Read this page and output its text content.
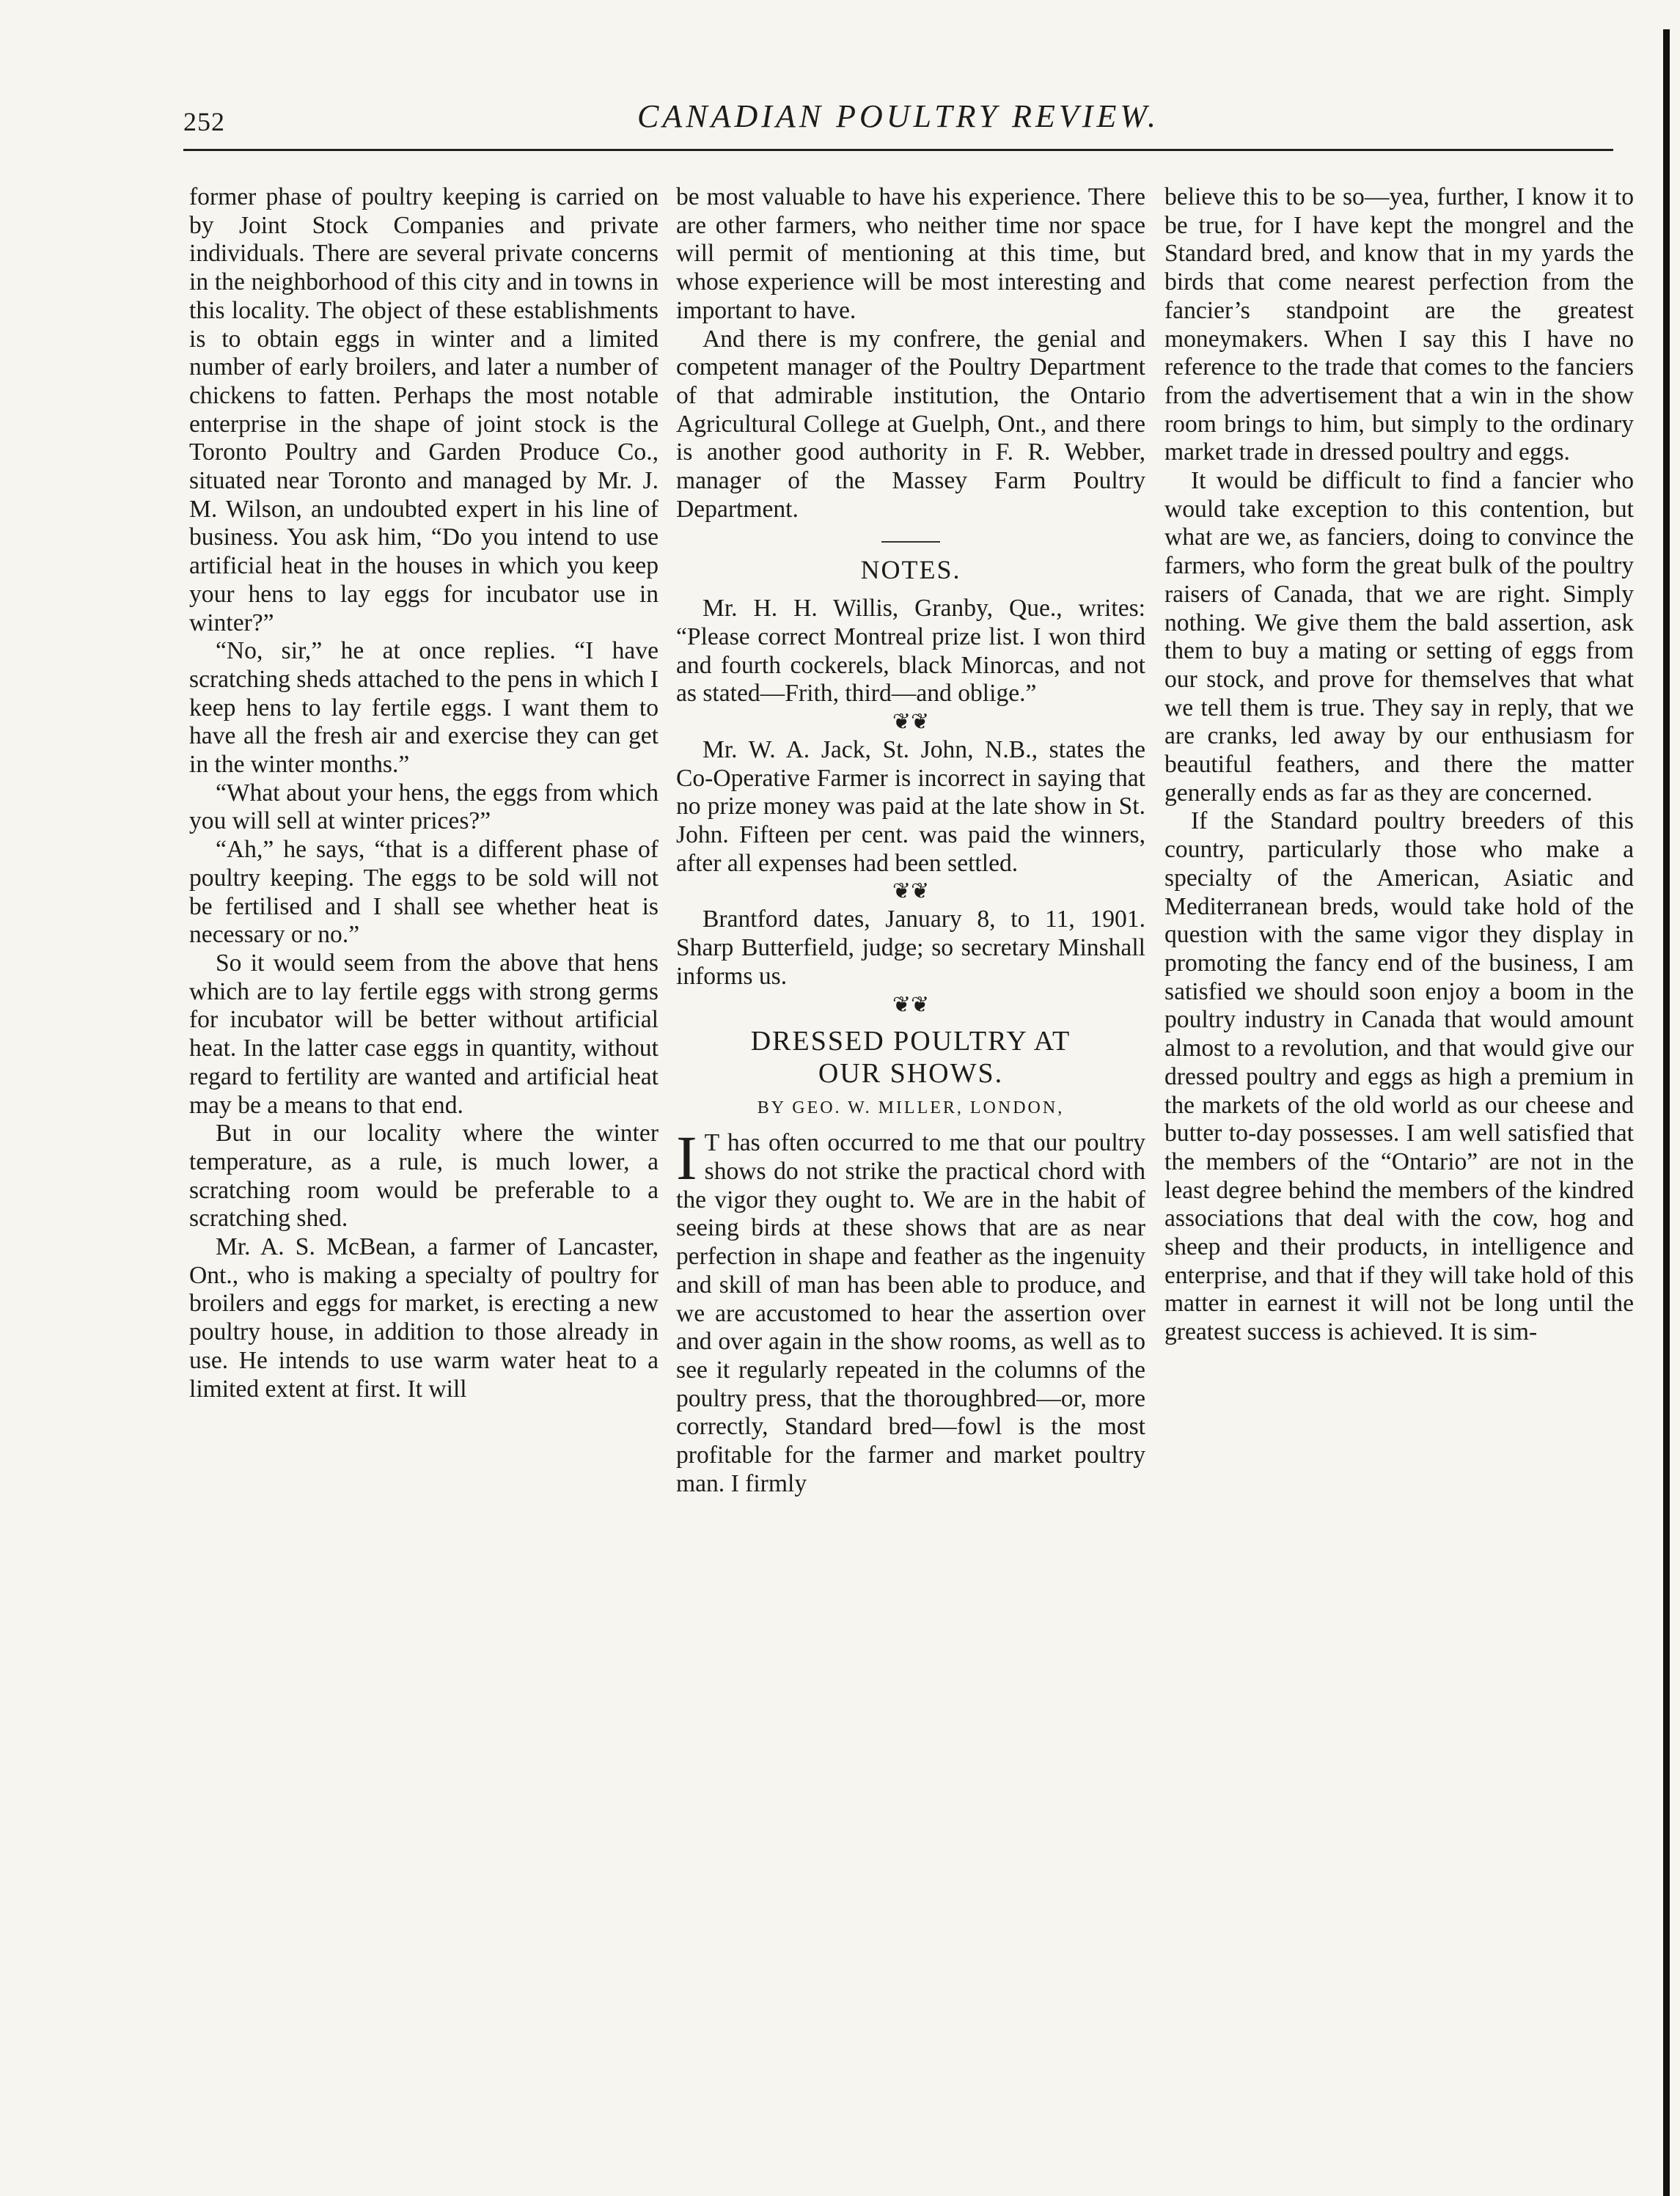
252	CANADIAN POULTRY REVIEW.

former phase of poultry keeping is carried on by Joint Stock Companies and private individuals. There are several private concerns in the neighborhood of this city and in towns in this locality. The object of these establishments is to obtain eggs in winter and a limited number of early broilers, and later a number of chickens to fatten. Perhaps the most notable enterprise in the shape of joint stock is the Toronto Poultry and Garden Produce Co., situated near Toronto and managed by Mr. J. M. Wilson, an undoubted expert in his line of business. You ask him, “Do you intend to use artificial heat in the houses in which you keep your hens to lay eggs for incubator use in winter?”

“No, sir,” he at once replies. “I have scratching sheds attached to the pens in which I keep hens to lay fertile eggs. I want them to have all the fresh air and exercise they can get in the winter months.”

“What about your hens, the eggs from which you will sell at winter prices?”

“Ah,” he says, “that is a different phase of poultry keeping. The eggs to be sold will not be fertilised and I shall see whether heat is necessary or no.”

So it would seem from the above that hens which are to lay fertile eggs with strong germs for incubator will be better without artificial heat. In the latter case eggs in quantity, without regard to fertility are wanted and artificial heat may be a means to that end.

But in our locality where the winter temperature, as a rule, is much lower, a scratching room would be preferable to a scratching shed.

Mr. A. S. McBean, a farmer of Lancaster, Ont., who is making a specialty of poultry for broilers and eggs for market, is erecting a new poultry house, in addition to those already in use. He intends to use warm water heat to a limited extent at first. It will

be most valuable to have his experience. There are other farmers, who neither time nor space will permit of mentioning at this time, but whose experience will be most interesting and important to have.

And there is my confrere, the genial and competent manager of the Poultry Department of that admirable institution, the Ontario Agricultural College at Guelph, Ont., and there is another good authority in F. R. Webber, manager of the Massey Farm Poultry Department.

NOTES.

Mr. H. H. Willis, Granby, Que., writes: “Please correct Montreal prize list. I won third and fourth cockerels, black Minorcas, and not as stated—Frith, third—and oblige.”

❦❦

Mr. W. A. Jack, St. John, N.B., states the Co-Operative Farmer is incorrect in saying that no prize money was paid at the late show in St. John. Fifteen per cent. was paid the winners, after all expenses had been settled.

❦❦

Brantford dates, January 8, to 11, 1901. Sharp Butterfield, judge; so secretary Minshall informs us.

❦❦
DRESSED POULTRY AT
OUR SHOWS.
BY GEO. W. MILLER, LONDON,

I T has often occurred to me that our poultry shows do not strike the practical chord with the vigor they ought to. We are in the habit of seeing birds at these shows that are as near perfection in shape and feather as the ingenuity and skill of man has been able to produce, and we are accustomed to hear the assertion over and over again in the show rooms, as well as to see it regularly repeated in the columns of the poultry press, that the thoroughbred—or, more correctly, Standard bred—fowl is the most profitable for the farmer and market poultry man. I firmly

believe this to be so—yea, further, I know it to be true, for I have kept the mongrel and the Standard bred, and know that in my yards the birds that come nearest perfection from the fancier’s standpoint are the greatest moneymakers. When I say this I have no reference to the trade that comes to the fanciers from the advertisement that a win in the show room brings to him, but simply to the ordinary market trade in dressed poultry and eggs.

It would be difficult to find a fancier who would take exception to this contention, but what are we, as fanciers, doing to convince the farmers, who form the great bulk of the poultry raisers of Canada, that we are right. Simply nothing. We give them the bald assertion, ask them to buy a mating or setting of eggs from our stock, and prove for themselves that what we tell them is true. They say in reply, that we are cranks, led away by our enthusiasm for beautiful feathers, and there the matter generally ends as far as they are concerned.

If the Standard poultry breeders of this country, particularly those who make a specialty of the American, Asiatic and Mediterranean breds, would take hold of the question with the same vigor they display in promoting the fancy end of the business, I am satisfied we should soon enjoy a boom in the poultry industry in Canada that would amount almost to a revolution, and that would give our dressed poultry and eggs as high a premium in the markets of the old world as our cheese and butter to-day possesses. I am well satisfied that the members of the “Ontario” are not in the least degree behind the members of the kindred associations that deal with the cow, hog and sheep and their products, in intelligence and enterprise, and that if they will take hold of this matter in earnest it will not be long until the greatest success is achieved. It is sim-
